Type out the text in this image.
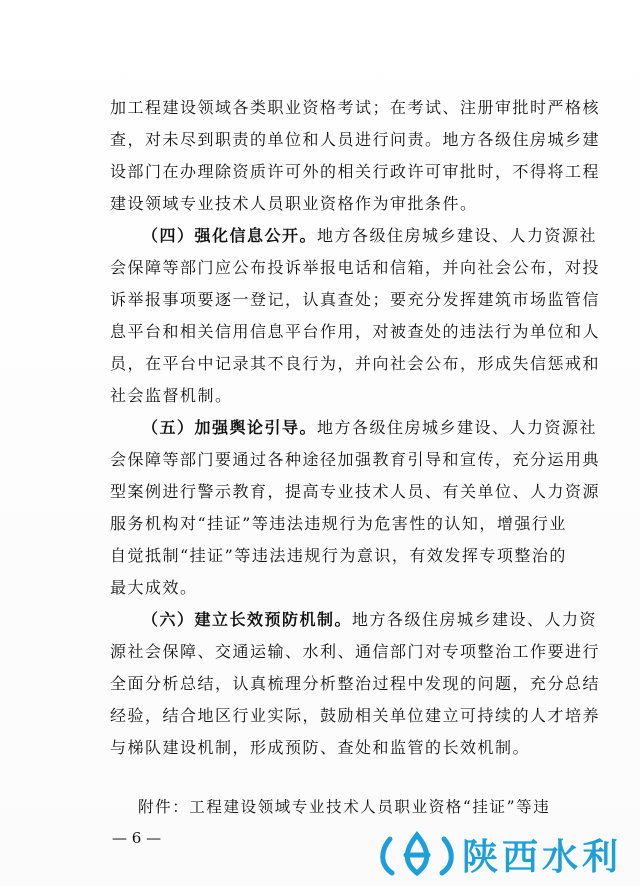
加工程建设领域各类职业资格考试；在考试、注册审批时严格核
查，对未尽到职责的单位和人员进行问责。地方各级住房城乡建
设部门在办理除资质许可外的相关行政许可审批时，不得将工程
建设领域专业技术人员职业资格作为审批条件。

（四）强化信息公开。地方各级住房城乡建设、人力资源社
会保障等部门应公布投诉举报电话和信箱，并向社会公布，对投
诉举报事项要逐一登记，认真查处；要充分发挥建筑市场监管信
息平台和相关信用信息平台作用，对被查处的违法行为单位和人
员，在平台中记录其不良行为，并向社会公布，形成失信惩戒和
社会监督机制。

（五）加强舆论引导。地方各级住房城乡建设、人力资源社
会保障等部门要通过各种途径加强教育引导和宣传，充分运用典
型案例进行警示教育，提高专业技术人员、有关单位、人力资源
服务机构对“挂证”等违法违规行为危害性的认知，增强行业
自觉抵制“挂证”等违法违规行为意识，有效发挥专项整治的
最大成效。

（六）建立长效预防机制。地方各级住房城乡建设、人力资
源社会保障、交通运输、水利、通信部门对专项整治工作要进行
全面分析总结，认真梳理分析整治过程中发现的问题，充分总结
经验，结合地区行业实际，鼓励相关单位建立可持续的人才培养
与梯队建设机制，形成预防、查处和监管的长效机制。

附件：工程建设领域专业技术人员职业资格“挂证”等违
— 6 —	陕西水利
